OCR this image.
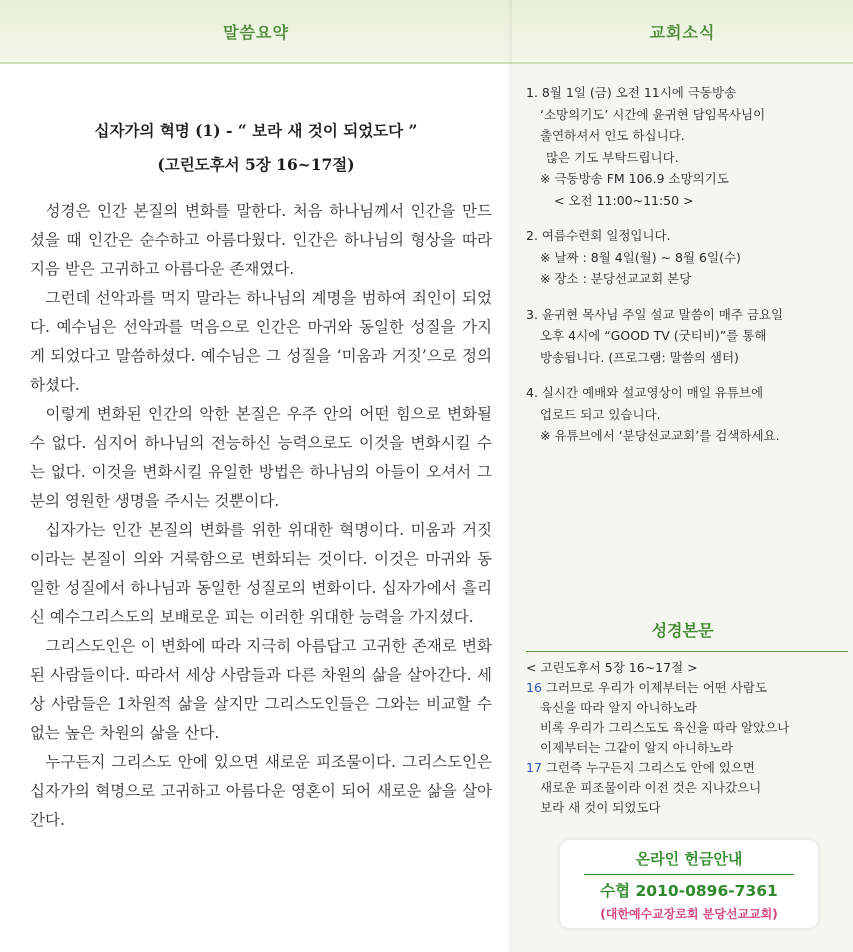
말씀요약
십자가의 혁명 (1) - “ 보라 새 것이 되었도다 ”
(고린도후서 5장 16~17절)

성경은 인간 본질의 변화를 말한다. 처음 하나님께서 인간을 만드셨을 때 인간은 순수하고 아름다웠다. 인간은 하나님의 형상을 따라 지음 받은 고귀하고 아름다운 존재였다.

그런데 선악과를 먹지 말라는 하나님의 계명을 범하여 죄인이 되었다. 예수님은 선악과를 먹음으로 인간은 마귀와 동일한 성질을 가지게 되었다고 말씀하셨다. 예수님은 그 성질을 ‘미움과 거짓’으로 정의하셨다.

이렇게 변화된 인간의 악한 본질은 우주 안의 어떤 힘으로 변화될 수 없다. 심지어 하나님의 전능하신 능력으로도 이것을 변화시킬 수는 없다. 이것을 변화시킬 유일한 방법은 하나님의 아들이 오셔서 그분의 영원한 생명을 주시는 것뿐이다.

십자가는 인간 본질의 변화를 위한 위대한 혁명이다. 미움과 거짓이라는 본질이 의와 거룩함으로 변화되는 것이다. 이것은 마귀와 동일한 성질에서 하나님과 동일한 성질로의 변화이다. 십자가에서 흘리신 예수그리스도의 보배로운 피는 이러한 위대한 능력을 가지셨다.

그리스도인은 이 변화에 따라 지극히 아름답고 고귀한 존재로 변화된 사람들이다. 따라서 세상 사람들과 다른 차원의 삶을 살아간다. 세상 사람들은 1차원적 삶을 살지만 그리스도인들은 그와는 비교할 수 없는 높은 차원의 삶을 산다.

누구든지 그리스도 안에 있으면 새로운 피조물이다. 그리스도인은 십자가의 혁명으로 고귀하고 아름다운 영혼이 되어 새로운 삶을 살아간다.

교회소식
1. 8월 1일 (금) 오전 11시에 극동방송
‘소망의기도’ 시간에 윤귀현 담임목사님이
출연하셔서 인도 하십니다.
많은 기도 부탁드립니다.
※ 극동방송 FM 106.9 소망의기도
< 오전 11:00~11:50 >
2. 여름수련회 일정입니다.
※ 날짜 : 8월 4일(월) ~ 8월 6일(수)
※ 장소 : 분당선교교회 본당
3. 윤귀현 목사님 주일 설교 말씀이 매주 금요일
오후 4시에 “GOOD TV (굿티비)”를 통해
방송됩니다. (프로그램: 말씀의 샘터)
4. 실시간 예배와 설교영상이 매일 유튜브에
업로드 되고 있습니다.
※ 유튜브에서 ‘분당선교교회’를 검색하세요.
성경본문
< 고린도후서 5장 16~17절 >
16 그러므로 우리가 이제부터는 어떤 사람도
육신을 따라 알지 아니하노라
비록 우리가 그리스도도 육신을 따라 알았으나
이제부터는 그같이 알지 아니하노라
17 그런즉 누구든지 그리스도 안에 있으면
새로운 피조물이라 이전 것은 지나갔으니
보라 새 것이 되었도다
온라인 헌금안내
수협 2010-0896-7361
(대한예수교장로회 분당선교교회)
